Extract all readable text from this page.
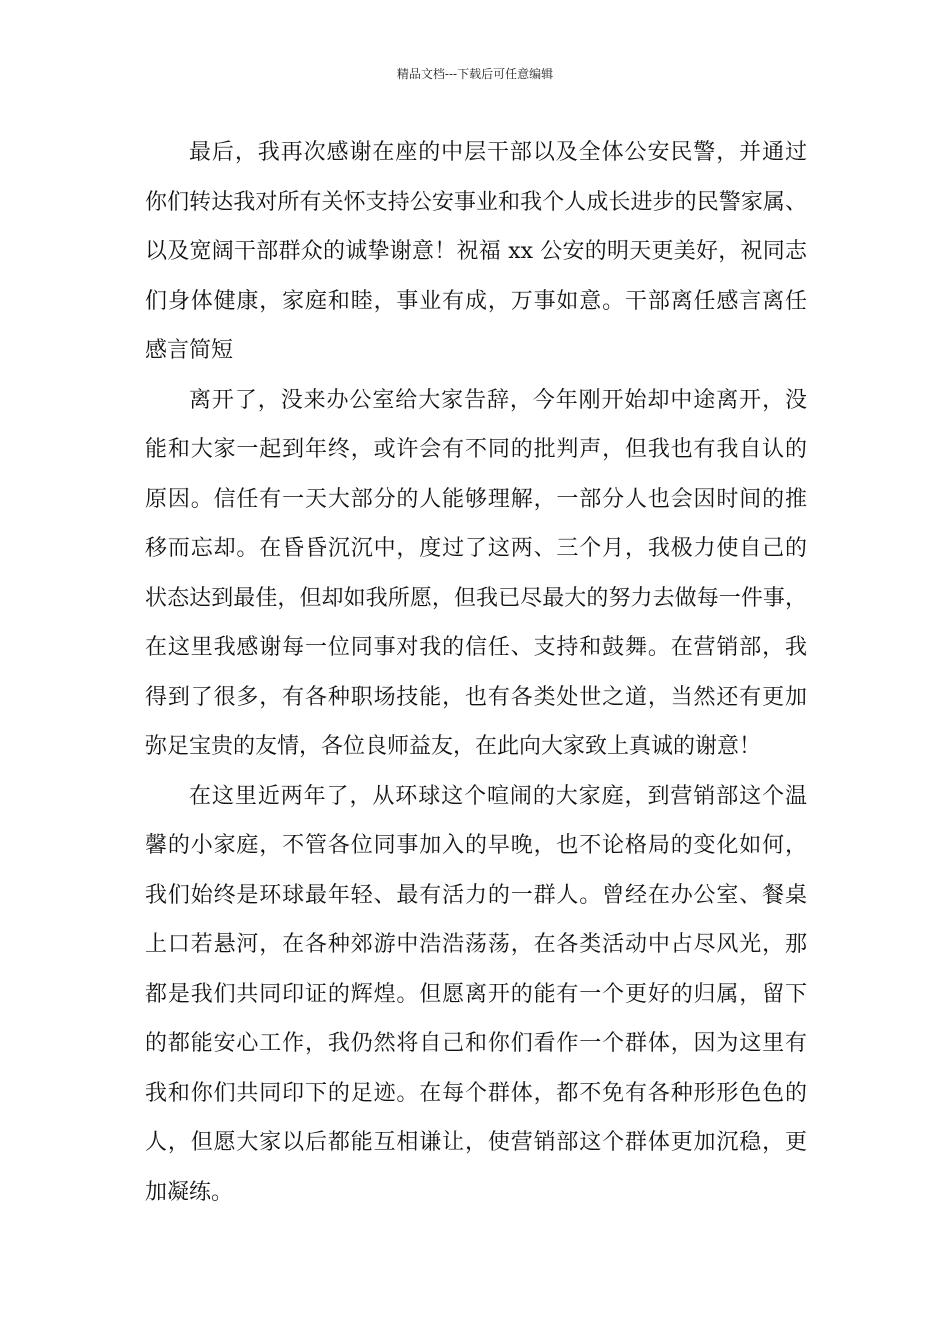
精品文档---下载后可任意编辑
最后，我再次感谢在座的中层干部以及全体公安民警，并通过
你们转达我对所有关怀支持公安事业和我个人成长进步的民警家属、
以及宽阔干部群众的诚挚谢意！祝福 xx 公安的明天更美好，祝同志
们身体健康，家庭和睦，事业有成，万事如意。干部离任感言离任
感言简短
离开了，没来办公室给大家告辞，今年刚开始却中途离开，没
能和大家一起到年终，或许会有不同的批判声，但我也有我自认的
原因。信任有一天大部分的人能够理解，一部分人也会因时间的推
移而忘却。在昏昏沉沉中，度过了这两、三个月，我极力使自己的
状态达到最佳，但却如我所愿，但我已尽最大的努力去做每一件事，
在这里我感谢每一位同事对我的信任、支持和鼓舞。在营销部，我
得到了很多，有各种职场技能，也有各类处世之道，当然还有更加
弥足宝贵的友情，各位良师益友，在此向大家致上真诚的谢意！
在这里近两年了，从环球这个喧闹的大家庭，到营销部这个温
馨的小家庭，不管各位同事加入的早晚，也不论格局的变化如何，
我们始终是环球最年轻、最有活力的一群人。曾经在办公室、餐桌
上口若悬河，在各种郊游中浩浩荡荡，在各类活动中占尽风光，那
都是我们共同印证的辉煌。但愿离开的能有一个更好的归属，留下
的都能安心工作，我仍然将自己和你们看作一个群体，因为这里有
我和你们共同印下的足迹。在每个群体，都不免有各种形形色色的
人，但愿大家以后都能互相谦让，使营销部这个群体更加沉稳，更
加凝练。
